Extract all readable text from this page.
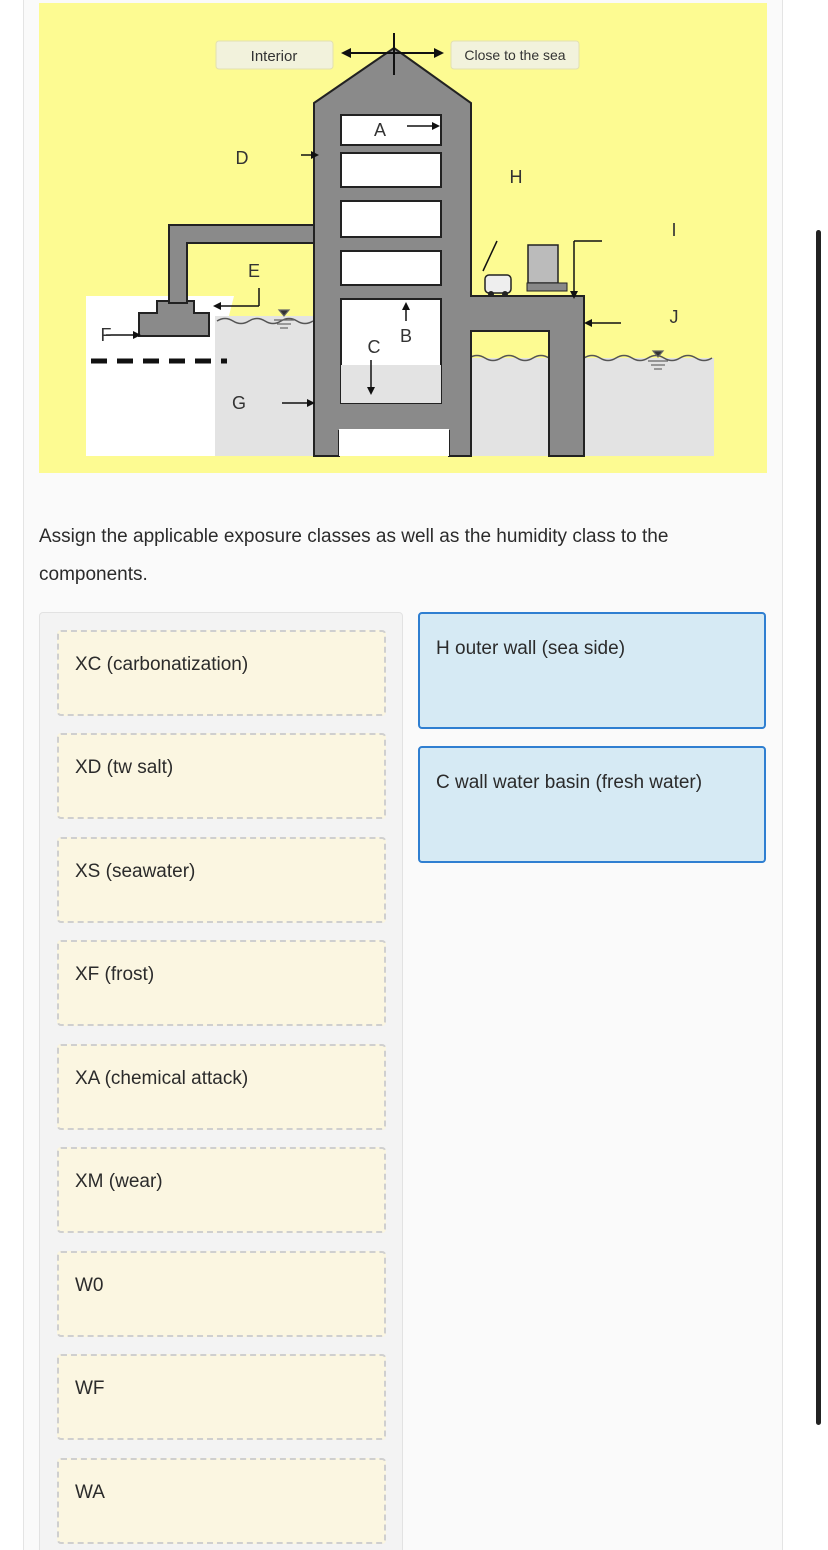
Interior	Close to the sea
A
B
C
D
E
F
G
H
I
J

Assign the applicable exposure classes as well as the humidity class to the components.

XC (carbonatization)
XD (tw salt)
XS (seawater)
XF (frost)
XA (chemical attack)
XM (wear)
W0
WF
WA
H outer wall (sea side)
C wall water basin (fresh water)
